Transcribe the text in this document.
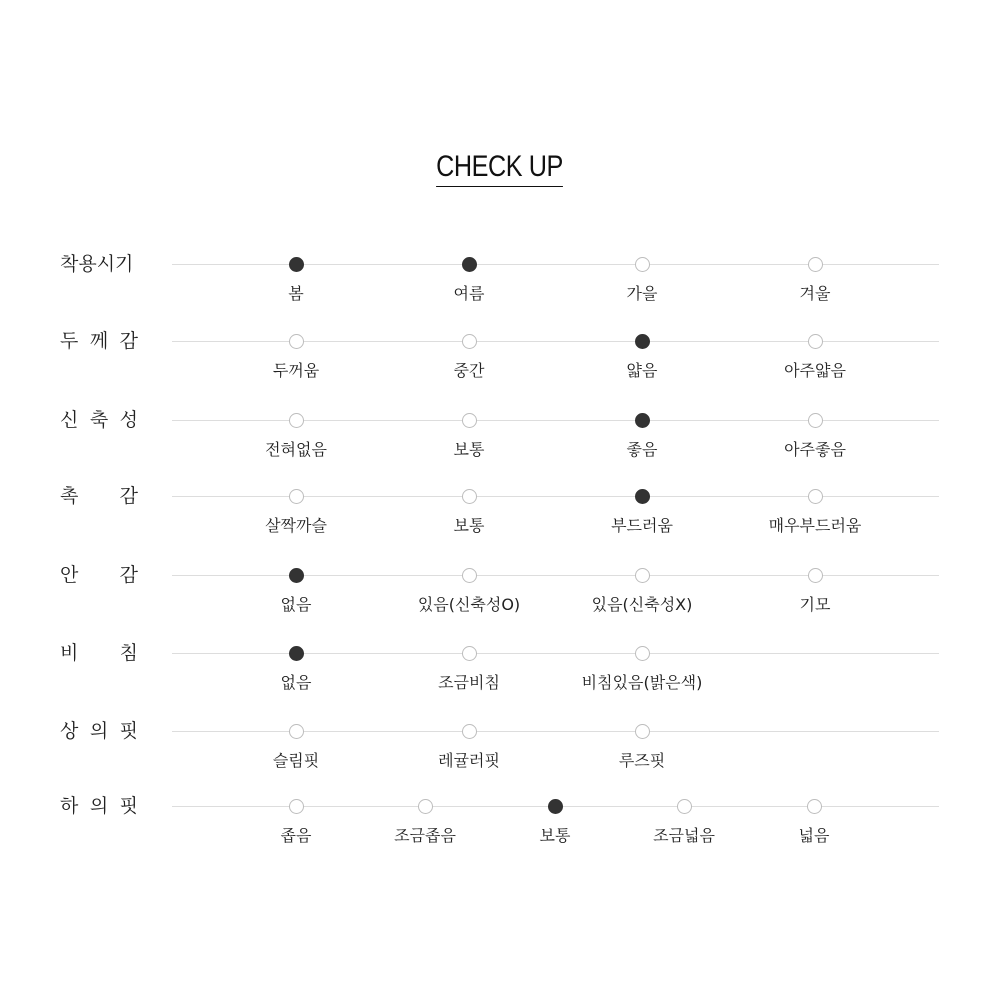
CHECK UP
착용시기
봄	여름	가을	겨울
두 께 감
두꺼움	중간	얇음	아주얇음
신 축 성
전혀없음	보통	좋음	아주좋음
촉 감
살짝까슬	보통	부드러움	매우부드러움
안 감
없음	있음(신축성O)	있음(신축성X)	기모
비 침
없음	조금비침	비침있음(밝은색)
상 의 핏
슬림핏	레귤러핏	루즈핏
하 의 핏
좁음	조금좁음	보통	조금넓음	넓음
